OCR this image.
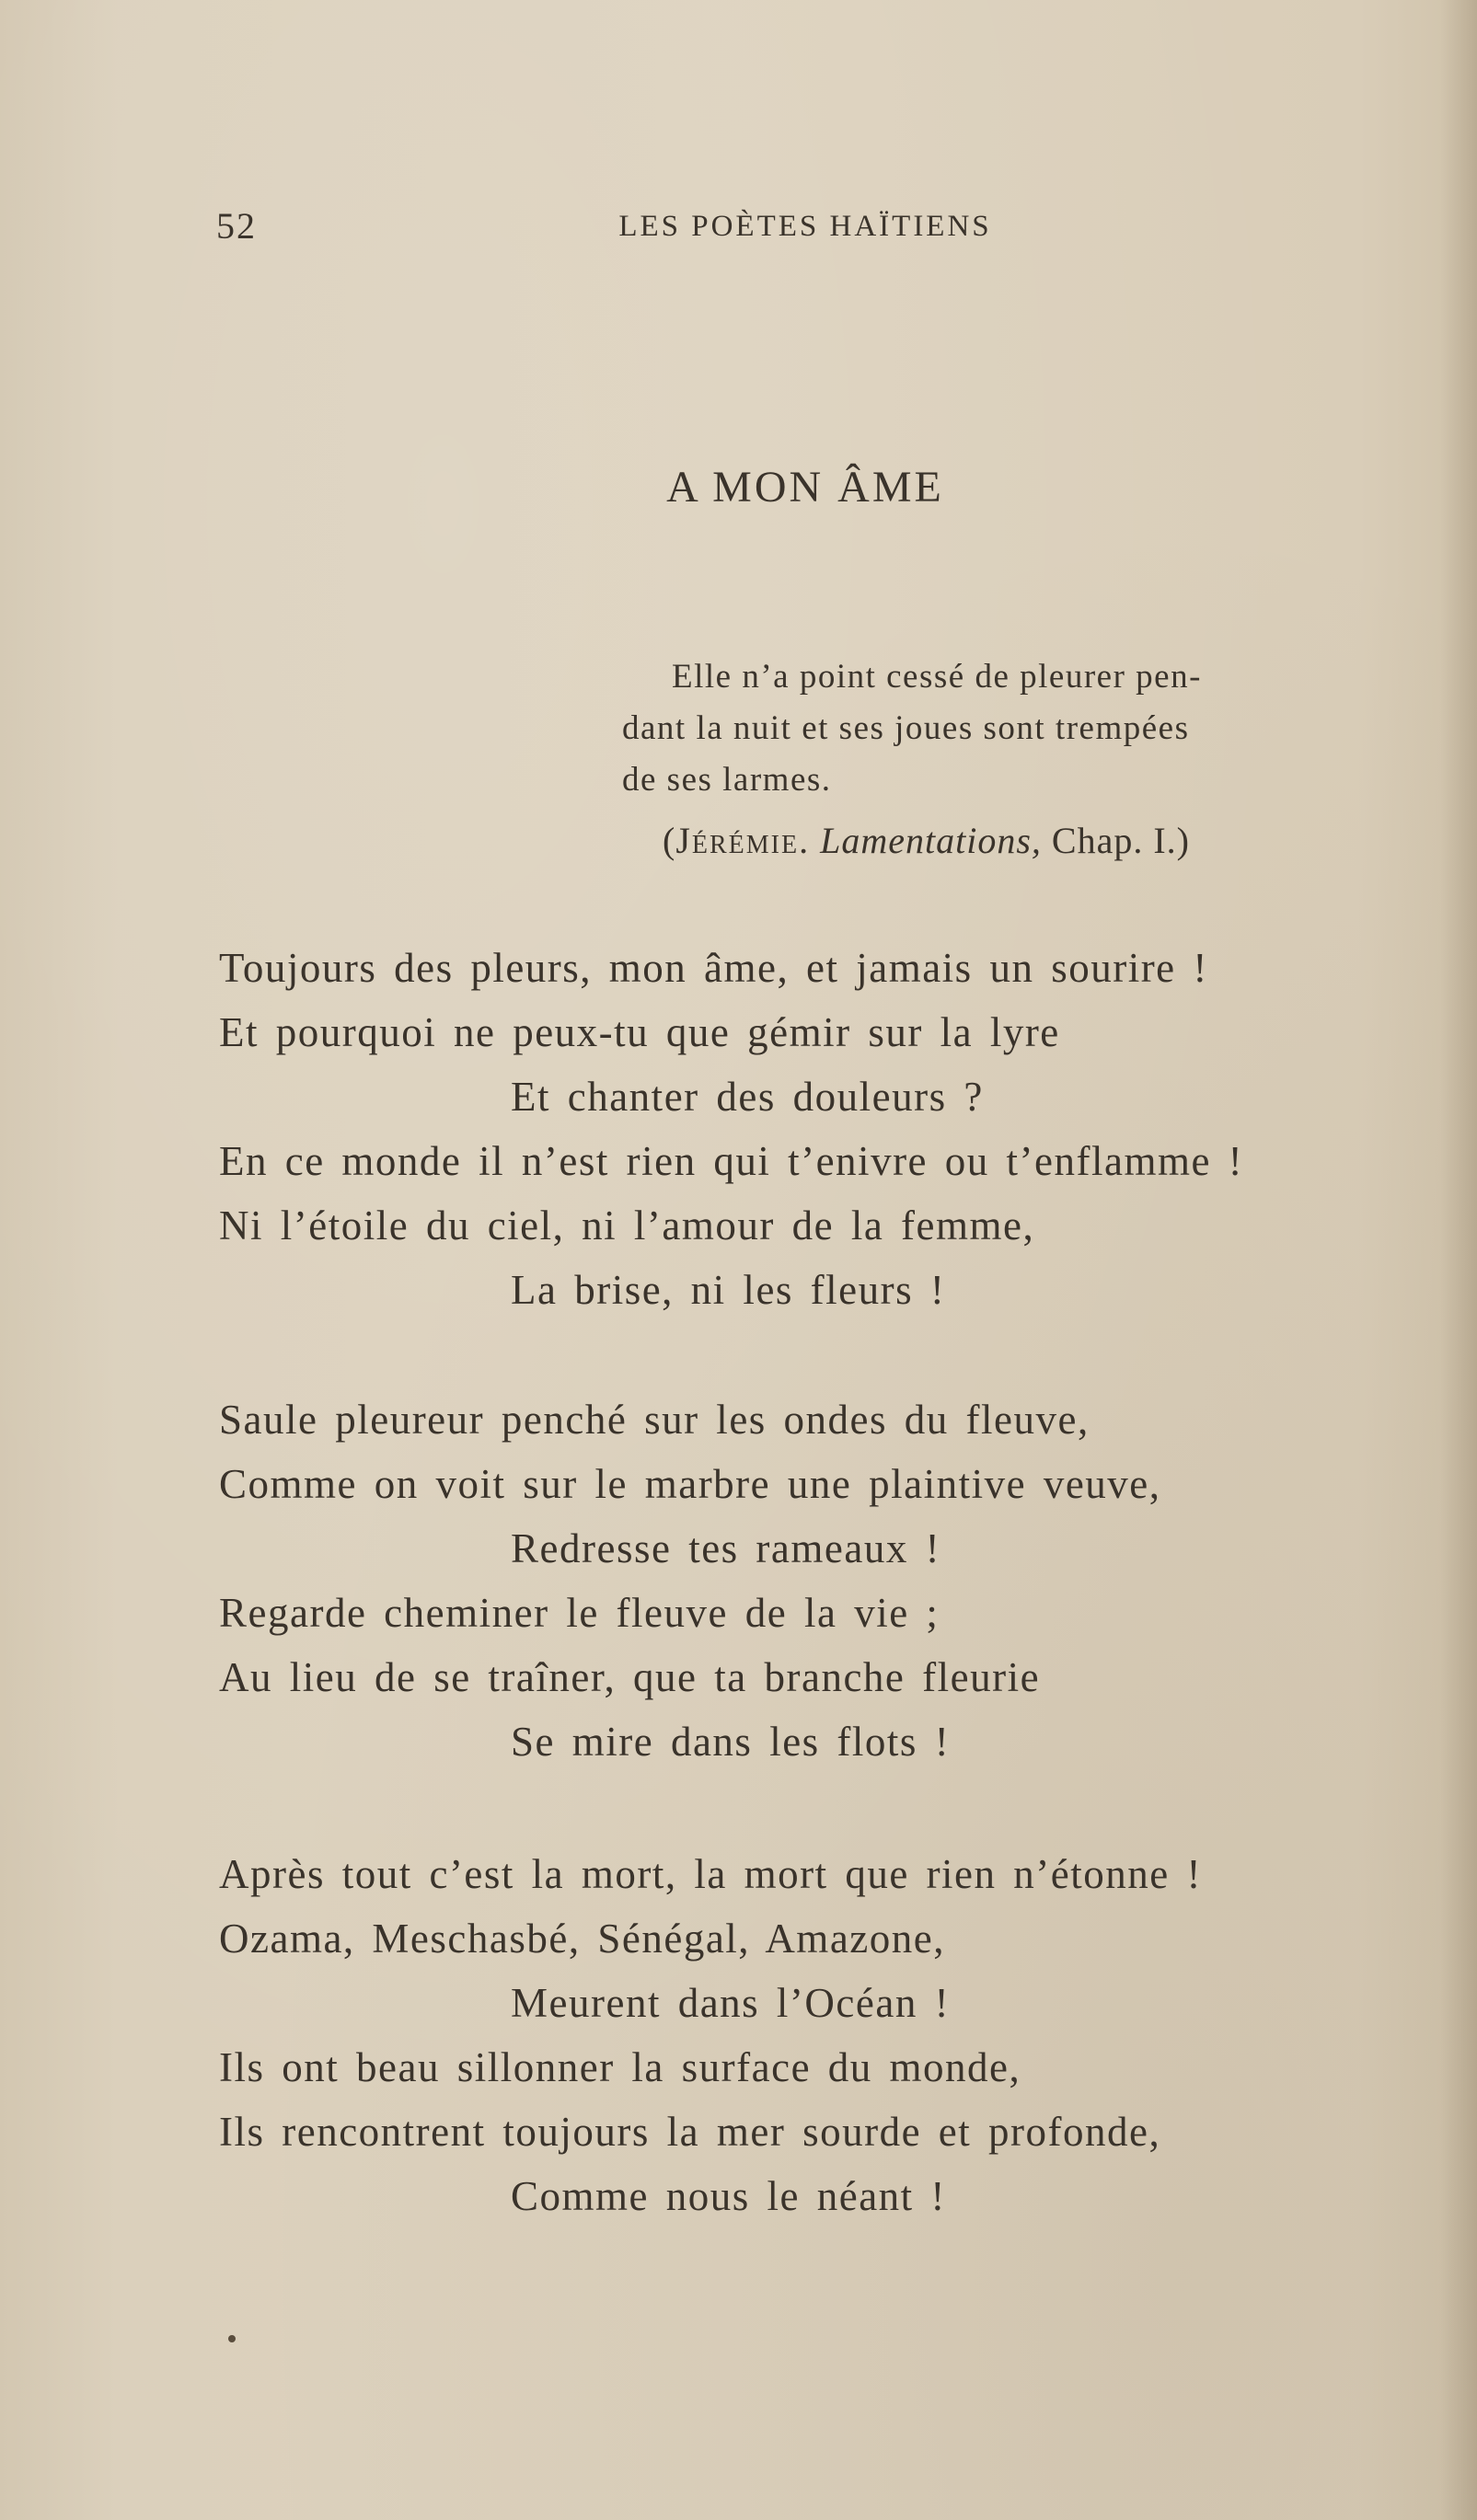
52	LES POÈTES HAÏTIENS
A MON ÂME
Elle n’a point cessé de pleurer pen-
dant la nuit et ses joues sont trempées
de ses larmes.
(Jérémie. Lamentations, Chap. I.)
Toujours des pleurs, mon âme, et jamais un sourire !
Et pourquoi ne peux-tu que gémir sur la lyre
Et chanter des douleurs ?
En ce monde il n’est rien qui t’enivre ou t’enflamme !
Ni l’étoile du ciel, ni l’amour de la femme,
La brise, ni les fleurs !
Saule pleureur penché sur les ondes du fleuve,
Comme on voit sur le marbre une plaintive veuve,
Redresse tes rameaux !
Regarde cheminer le fleuve de la vie ;
Au lieu de se traîner, que ta branche fleurie
Se mire dans les flots !
Après tout c’est la mort, la mort que rien n’étonne !
Ozama, Meschasbé, Sénégal, Amazone,
Meurent dans l’Océan !
Ils ont beau sillonner la surface du monde,
Ils rencontrent toujours la mer sourde et profonde,
Comme nous le néant !
